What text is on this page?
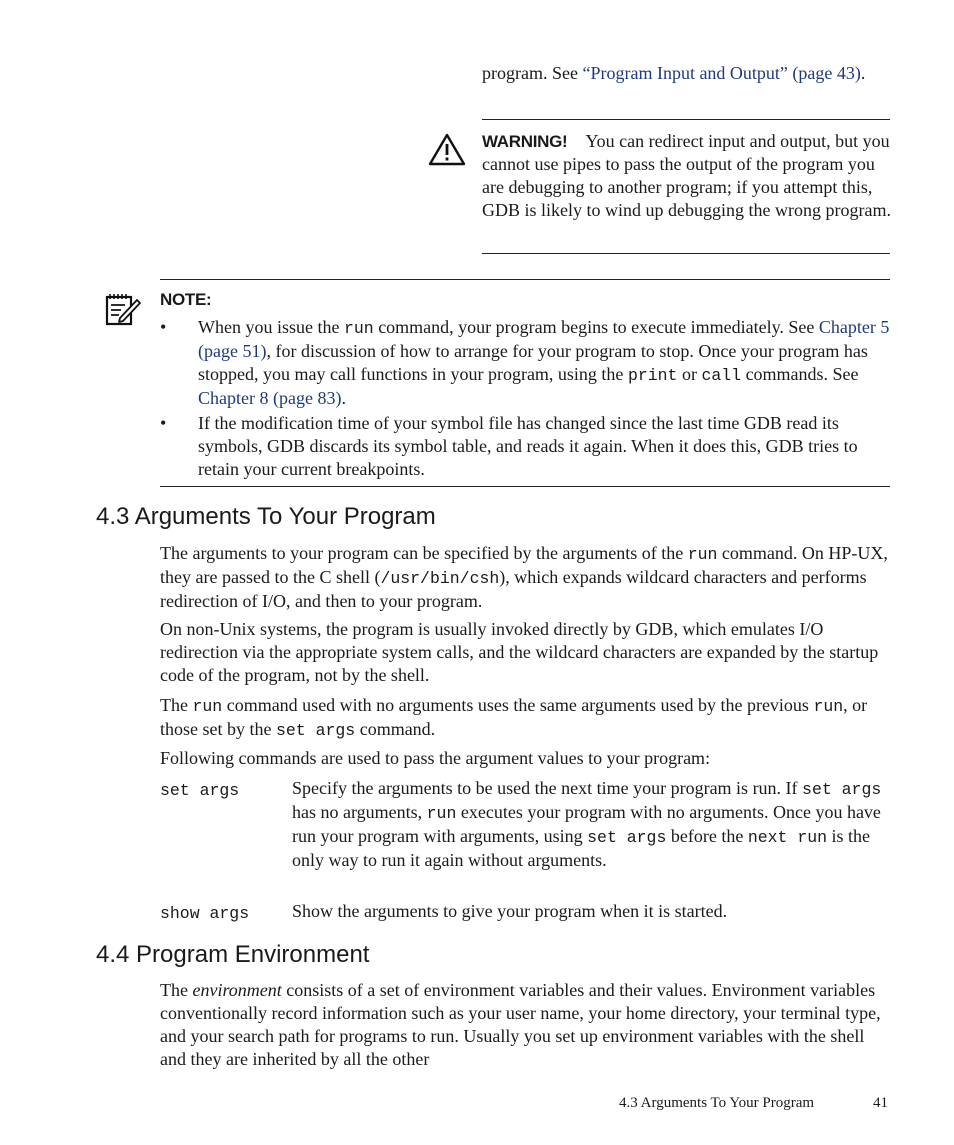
program. See “Program Input and Output” (page 43).

WARNING! You can redirect input and output, but you cannot use pipes to pass the output of the program you are debugging to another program; if you attempt this, GDB is likely to wind up debugging the wrong program.

NOTE:
• When you issue the run command, your program begins to execute immediately. See Chapter 5 (page 51), for discussion of how to arrange for your program to stop. Once your program has stopped, you may call functions in your program, using the print or call commands. See Chapter 8 (page 83).

• If the modification time of your symbol file has changed since the last time GDB read its symbols, GDB discards its symbol table, and reads it again. When it does this, GDB tries to retain your current breakpoints.

4.3 Arguments To Your Program

The arguments to your program can be specified by the arguments of the run command. On HP-UX, they are passed to the C shell (/usr/bin/csh), which expands wildcard characters and performs redirection of I/O, and then to your program.

On non-Unix systems, the program is usually invoked directly by GDB, which emulates I/O redirection via the appropriate system calls, and the wildcard characters are expanded by the startup code of the program, not by the shell.

The run command used with no arguments uses the same arguments used by the previous run, or those set by the set args command.

Following commands are used to pass the argument values to your program:

set args	Specify the arguments to be used the next time your program is run. If set args has no arguments, run executes your program with no arguments. Once you have run your program with arguments, using set args before the next run is the only way to run it again without arguments.

show args Show the arguments to give your program when it is started.

4.4 Program Environment

The environment consists of a set of environment variables and their values. Environment variables conventionally record information such as your user name, your home directory, your terminal type, and your search path for programs to run. Usually you set up environment variables with the shell and they are inherited by all the other

4.3 Arguments To Your Program	41
